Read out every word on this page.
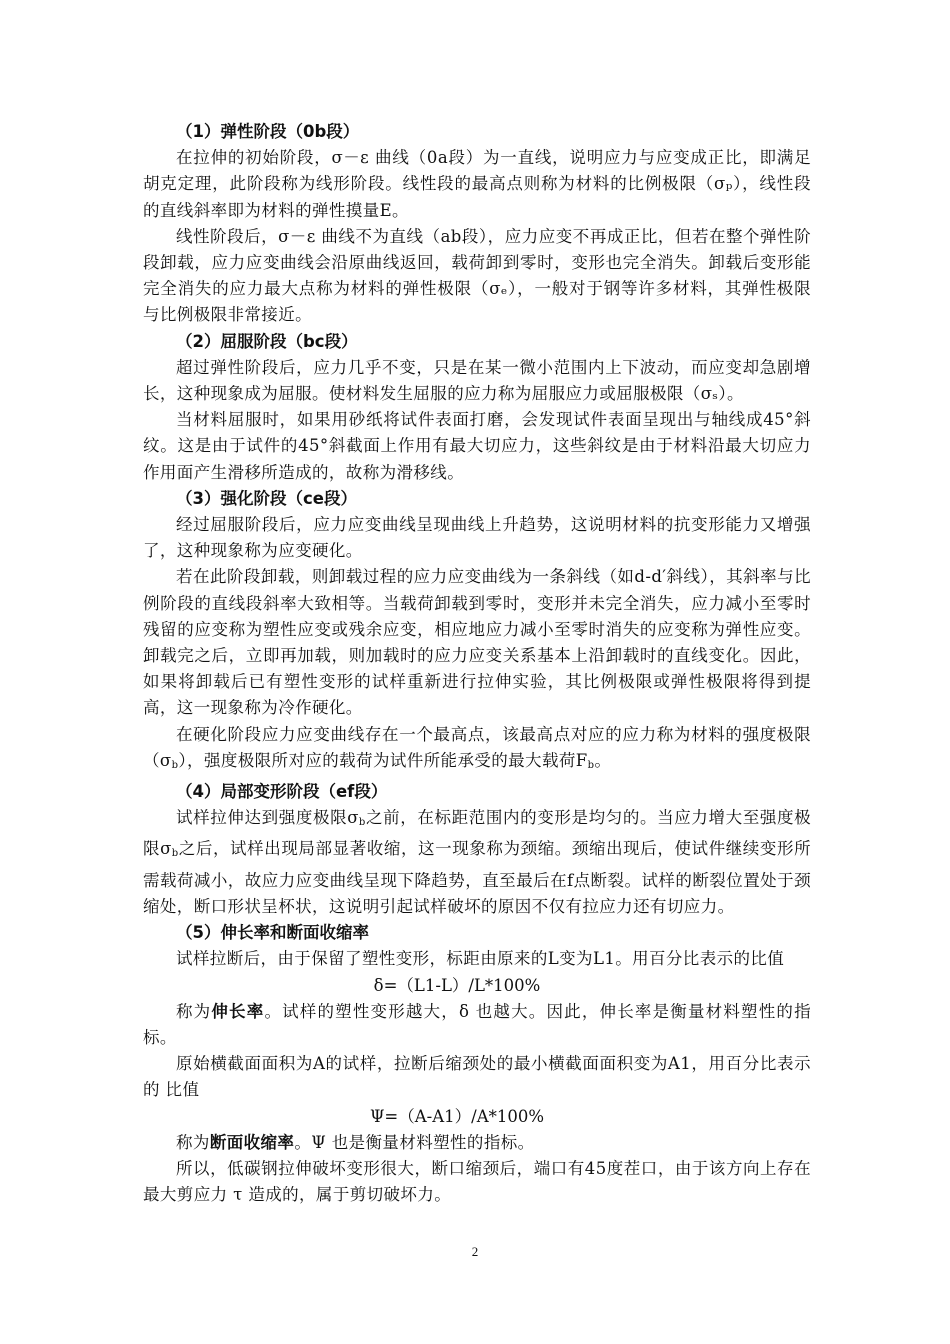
（1）弹性阶段（0b段）

在拉伸的初始阶段，σ－ε 曲线（0a段）为一直线，说明应力与应变成正比，即满足胡克定理，此阶段称为线形阶段。线性段的最高点则称为材料的比例极限（σₚ），线性段的直线斜率即为材料的弹性摸量E。

线性阶段后，σ－ε 曲线不为直线（ab段），应力应变不再成正比，但若在整个弹性阶段卸载，应力应变曲线会沿原曲线返回，载荷卸到零时，变形也完全消失。卸载后变形能完全消失的应力最大点称为材料的弹性极限（σₑ），一般对于钢等许多材料，其弹性极限与比例极限非常接近。

（2）屈服阶段（bc段）

超过弹性阶段后，应力几乎不变，只是在某一微小范围内上下波动，而应变却急剧增长，这种现象成为屈服。使材料发生屈服的应力称为屈服应力或屈服极限（σₛ）。

当材料屈服时，如果用砂纸将试件表面打磨，会发现试件表面呈现出与轴线成45°斜纹。这是由于试件的45°斜截面上作用有最大切应力，这些斜纹是由于材料沿最大切应力作用面产生滑移所造成的，故称为滑移线。

（3）强化阶段（ce段）

经过屈服阶段后，应力应变曲线呈现曲线上升趋势，这说明材料的抗变形能力又增强了，这种现象称为应变硬化。

若在此阶段卸载，则卸载过程的应力应变曲线为一条斜线（如d-d′斜线），其斜率与比例阶段的直线段斜率大致相等。当载荷卸载到零时，变形并未完全消失，应力减小至零时残留的应变称为塑性应变或残余应变，相应地应力减小至零时消失的应变称为弹性应变。卸载完之后，立即再加载，则加载时的应力应变关系基本上沿卸载时的直线变化。因此，如果将卸载后已有塑性变形的试样重新进行拉伸实验，其比例极限或弹性极限将得到提高，这一现象称为冷作硬化。

在硬化阶段应力应变曲线存在一个最高点，该最高点对应的应力称为材料的强度极限$(\sigma_b)$，强度极限所对应的载荷为试件所能承受的最大载荷$F_b$。

（4）局部变形阶段（ef段）

试样拉伸达到强度极限$\sigma_b$之前，在标距范围内的变形是均匀的。当应力增大至强度极限$\sigma_b$之后，试样出现局部显著收缩，这一现象称为颈缩。颈缩出现后，使试件继续变形所需载荷减小，故应力应变曲线呈现下降趋势，直至最后在f点断裂。试样的断裂位置处于颈缩处，断口形状呈杯状，这说明引起试样破坏的原因不仅有拉应力还有切应力。

（5）伸长率和断面收缩率

试样拉断后，由于保留了塑性变形，标距由原来的L变为L1。用百分比表示的比值

δ=（L1-L）/L*100%

称为伸长率。试样的塑性变形越大，δ 也越大。因此，伸长率是衡量材料塑性的指标。

原始横截面面积为A的试样，拉断后缩颈处的最小横截面面积变为A1，用百分比表示的 比值

Ψ=（A-A1）/A*100%

称为断面收缩率。Ψ 也是衡量材料塑性的指标。

所以，低碳钢拉伸破坏变形很大，断口缩颈后，端口有45度茬口，由于该方向上存在最大剪应力 τ 造成的，属于剪切破坏力。

2
